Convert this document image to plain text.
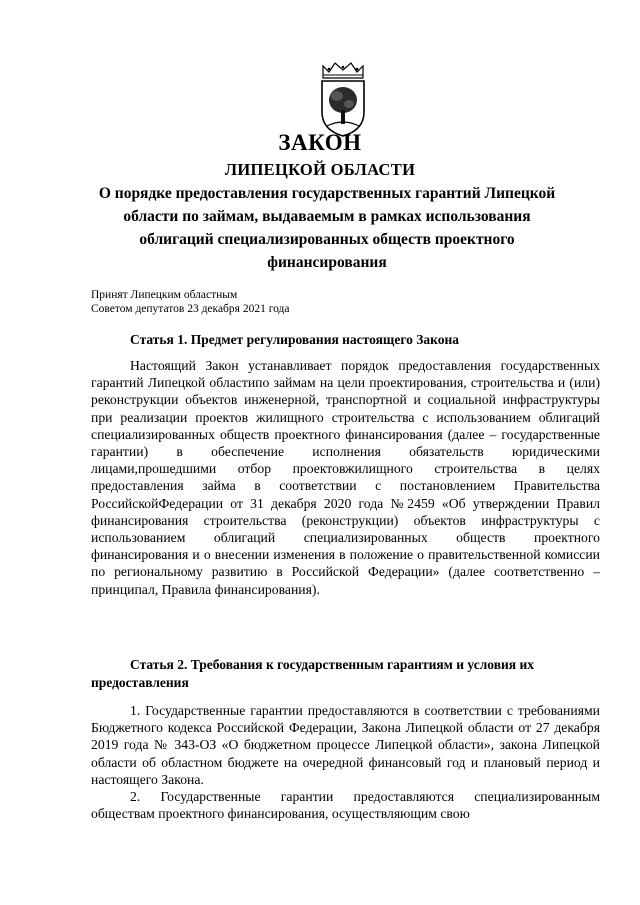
ЗАКОН
ЛИПЕЦКОЙ ОБЛАСТИ
О порядке предоставления государственных гарантий Липецкой области по займам, выдаваемым в рамках использования облигаций специализированных обществ проектного финансирования
Принят Липецким областным
Советом депутатов 23 декабря 2021 года
Статья 1. Предмет регулирования настоящего Закона
Настоящий Закон устанавливает порядок предоставления государственных гарантий Липецкой областипо займам на цели проектирования, строительства и (или) реконструкции объектов инженерной, транспортной и социальной инфраструктуры при реализации проектов жилищного строительства с использованием облигаций специализированных обществ проектного финансирования (далее – государственные гарантии) в обеспечение исполнения обязательств юридическими лицами,прошедшими отбор проектовжилищного строительства в целях предоставления займа в соответствии с постановлением Правительства РоссийскойФедерации от 31 декабря 2020 года №2459 «Об утверждении Правил финансирования строительства (реконструкции) объектов инфраструктуры с использованием облигаций специализированных обществ проектного финансирования и о внесении изменения в положение о правительственной комиссии по региональному развитию в Российской Федерации» (далее соответственно – принципал, Правила финансирования).
Статья 2. Требования к государственным гарантиям и условия их предоставления
1. Государственные гарантии предоставляются в соответствии с требованиями Бюджетного кодекса Российской Федерации, Закона Липецкой области от 27 декабря 2019 года № 343-ОЗ «О бюджетном процессе Липецкой области», закона Липецкой области об областном бюджете на очередной финансовый год и плановый период и настоящего Закона.
2. Государственные гарантии предоставляются специализированным обществам проектного финансирования, осуществляющим свою
